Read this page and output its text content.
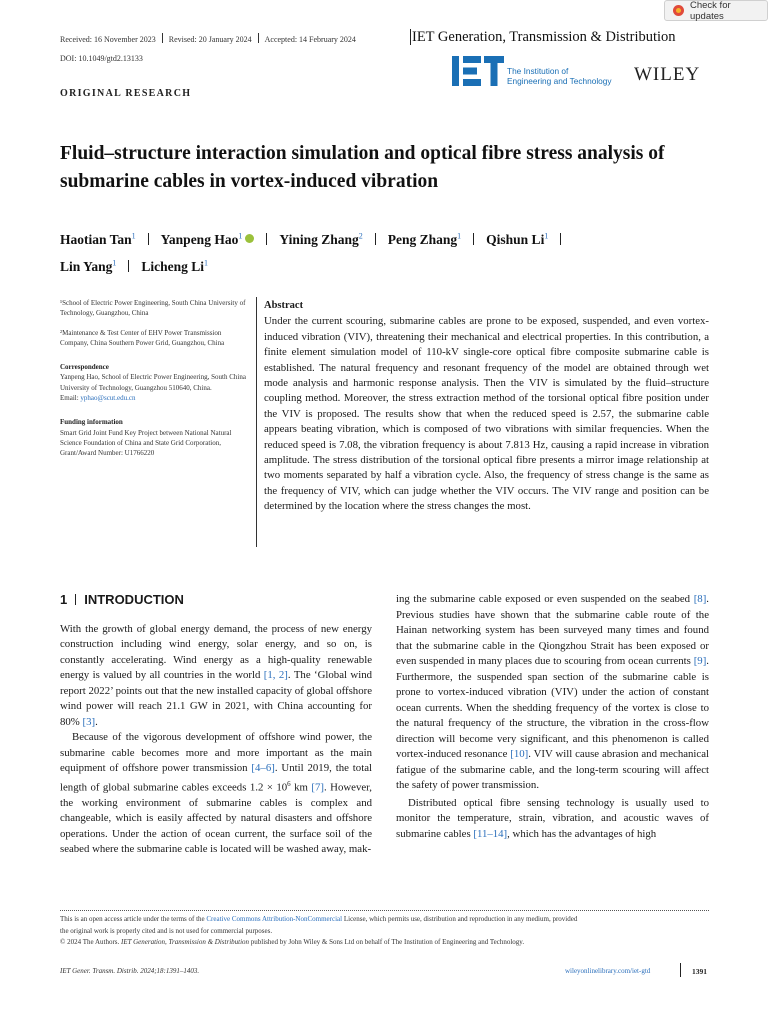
Check for updates
Received: 16 November 2023 Revised: 20 January 2024 Accepted: 14 February 2024	IET Generation, Transmission & Distribution
DOI: 10.1049/gtd2.13133
The Institution of
Engineering and Technology WILEY
ORIGINAL RESEARCH
Fluid–structure interaction simulation and optical fibre stress analysis of submarine cables in vortex-induced vibration
Haotian Tan$^1$ Yanpeng Hao$^1$	Yining Zhang$^2$ Peng Zhang$^1$ Qishun Li$^1$
Lin Yang$^1$ Licheng Li$^1$

¹School of Electric Power Engineering, South China University of Technology, Guangzhou, China

²Maintenance & Test Center of EHV Power Transmission Company, China Southern Power Grid, Guangzhou, China

Correspondence

Yanpeng Hao, School of Electric Power Engineering, South China University of Technology, Guangzhou 510640, China.

Email: yphao@scut.edu.cn

Funding information

Smart Grid Joint Fund Key Project between National Natural Science Foundation of China and State Grid Corporation, Grant/Award Number: U1766220

Abstract
Under the current scouring, submarine cables are prone to be exposed, suspended, and even vortex-induced vibration (VIV), threatening their mechanical and electrical properties. In this contribution, a finite element simulation model of 110-kV single-core optical fibre composite submarine cable is established. The natural frequency and resonant frequency of the model are obtained through wet mode analysis and harmonic response analysis. Then the VIV is simulated by the fluid–structure coupling method. Moreover, the stress extraction method of the torsional optical fibre position under the VIV is proposed. The results show that when the reduced speed is 2.57, the submarine cable appears beating vibration, which is composed of two vibrations with similar frequencies. When the reduced speed is 7.08, the vibration frequency is about 7.813 Hz, causing a rapid increase in vibration amplitude. The stress distribution of the torsional optical fibre presents a mirror image relationship at two moments separated by half a vibration cycle. Also, the frequency of stress change is the same as the frequency of VIV, which can judge whether the VIV occurs. The VIV range and position can be determined by the location where the stress changes the most.
1 INTRODUCTION

With the growth of global energy demand, the process of new energy construction including wind energy, solar energy, and so on, is constantly accelerating. Wind energy as a high-quality renewable energy is valued by all countries in the world [1, 2]. The ‘Global wind report 2022’ points out that the new installed capacity of global offshore wind power will reach 21.1 GW in 2021, with China accounting for 80% [3].

Because of the vigorous development of offshore wind power, the submarine cable becomes more and more important as the main equipment of offshore power transmission [4–6]. Until 2019, the total length of global submarine cables exceeds $1.2 \times 10^6$ km [7]. However, the working environment of submarine cables is complex and changeable, which is easily affected by natural disasters and offshore operations. Under the action of ocean current, the surface soil of the seabed where the submarine cable is located will be washed away, mak-

ing the submarine cable exposed or even suspended on the seabed [8]. Previous studies have shown that the submarine cable route of the Hainan networking system has been surveyed many times and found that the submarine cable in the Qiongzhou Strait has been exposed or even suspended in many places due to scouring from ocean currents [9]. Furthermore, the suspended span section of the submarine cable is prone to vortex-induced vibration (VIV) under the action of constant ocean currents. When the shedding frequency of the vortex is close to the natural frequency of the structure, the vibration in the cross-flow direction will become very significant, and this phenomenon is called vortex-induced resonance [10]. VIV will cause abrasion and mechanical fatigue of the submarine cable, and the long-term scouring will affect the safety of power transmission.

Distributed optical fibre sensing technology is usually used to monitor the temperature, strain, vibration, and acoustic waves of submarine cables [11–14], which has the advantages of high

This is an open access article under the terms of the Creative Commons Attribution-NonCommercial License, which permits use, distribution and reproduction in any medium, provided
the original work is properly cited and is not used for commercial purposes.
© 2024 The Authors. IET Generation, Transmission & Distribution published by John Wiley & Sons Ltd on behalf of The Institution of Engineering and Technology.
IET Gener. Transm. Distrib. 2024;18:1391–1403.	wileyonlinelibrary.com/iet-gtd	1391
